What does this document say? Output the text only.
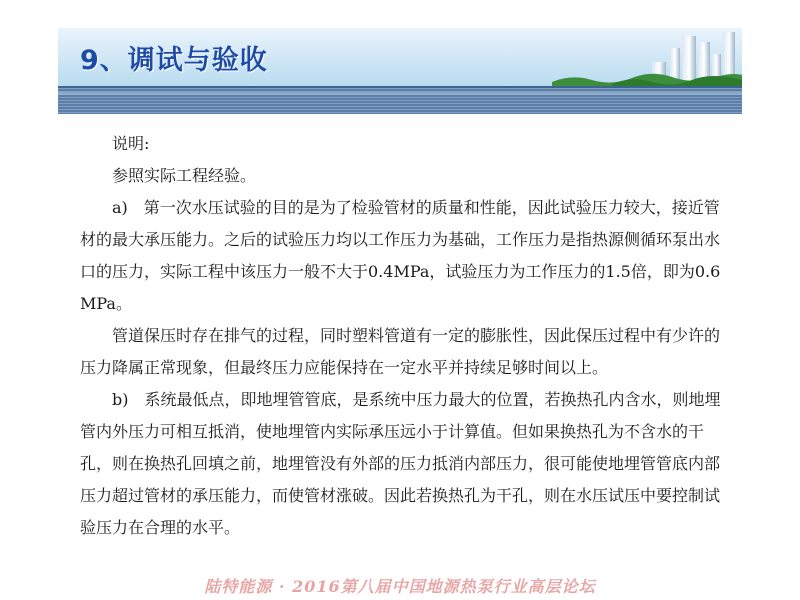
9、调试与验收

说明:

参照实际工程经验。

a)　第一次水压试验的目的是为了检验管材的质量和性能，因此试验压力较大，接近管材的最大承压能力。之后的试验压力均以工作压力为基础，工作压力是指热源侧循环泵出水口的压力，实际工程中该压力一般不大于0.4MPa，试验压力为工作压力的1.5倍，即为0.6 MPa。

管道保压时存在排气的过程，同时塑料管道有一定的膨胀性，因此保压过程中有少许的压力降属正常现象，但最终压力应能保持在一定水平并持续足够时间以上。

b)　系统最低点，即地埋管管底，是系统中压力最大的位置，若换热孔内含水，则地埋管内外压力可相互抵消，使地埋管内实际承压远小于计算值。但如果换热孔为不含水的干孔，则在换热孔回填之前，地埋管没有外部的压力抵消内部压力，很可能使地埋管管底内部压力超过管材的承压能力，而使管材涨破。因此若换热孔为干孔，则在水压试压中要控制试验压力在合理的水平。

陆特能源 · 2016第八届中国地源热泵行业高层论坛
